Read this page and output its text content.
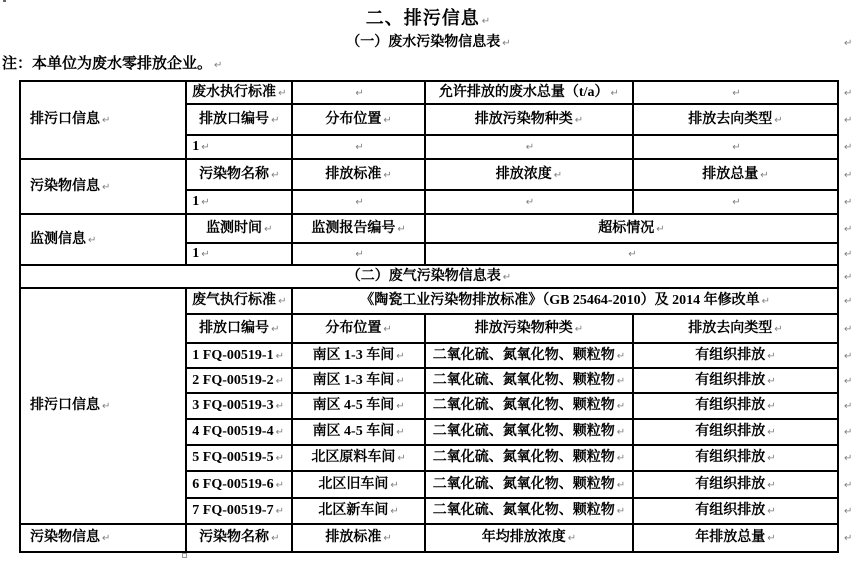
二、排污信息 ↵
（一）废水污染物信息表 ↵	↵
注：本单位为废水零排放企业。 ↵
排污口信息 ↵	废水执行标准 ↵	↵	允许排放的废水总量（t/a） ↵	↵	↵
	排放口编号 ↵	分布位置 ↵	排放污染物种类 ↵	排放去向类型 ↵	↵
	1 ↵	↵	↵	↵	↵
污染物信息 ↵	污染物名称 ↵	排放标准 ↵	排放浓度 ↵	排放总量 ↵	↵
	1 ↵	↵	↵	↵	↵
监测信息 ↵	监测时间 ↵	监测报告编号 ↵	超标情况 ↵		↵
	1 ↵	↵	↵		↵
（二）废气污染物信息表 ↵					↵
排污口信息 ↵	废气执行标准 ↵	《陶瓷工业污染物排放标准》（GB 25464-2010）及 2014 年修改单 ↵			↵
	排放口编号 ↵	分布位置 ↵	排放污染物种类 ↵	排放去向类型 ↵	↵
	1 FQ-00519-1 ↵	南区 1-3 车间 ↵	二氧化硫、氮氧化物、颗粒物 ↵	有组织排放 ↵	↵
	2 FQ-00519-2 ↵	南区 1-3 车间 ↵	二氧化硫、氮氧化物、颗粒物 ↵	有组织排放 ↵	↵
	3 FQ-00519-3 ↵	南区 4-5 车间 ↵	二氧化硫、氮氧化物、颗粒物 ↵	有组织排放 ↵	↵
	4 FQ-00519-4 ↵	南区 4-5 车间 ↵	二氧化硫、氮氧化物、颗粒物 ↵	有组织排放 ↵	↵
	5 FQ-00519-5 ↵	北区原料车间 ↵	二氧化硫、氮氧化物、颗粒物 ↵	有组织排放 ↵	↵
	6 FQ-00519-6 ↵	北区旧车间 ↵	二氧化硫、氮氧化物、颗粒物 ↵	有组织排放 ↵	↵
	7 FQ-00519-7 ↵	北区新车间 ↵	二氧化硫、氮氧化物、颗粒物 ↵	有组织排放 ↵	↵
污染物信息 ↵	污染物名称 ↵	排放标准 ↵	年均排放浓度 ↵	年排放总量 ↵	↵
